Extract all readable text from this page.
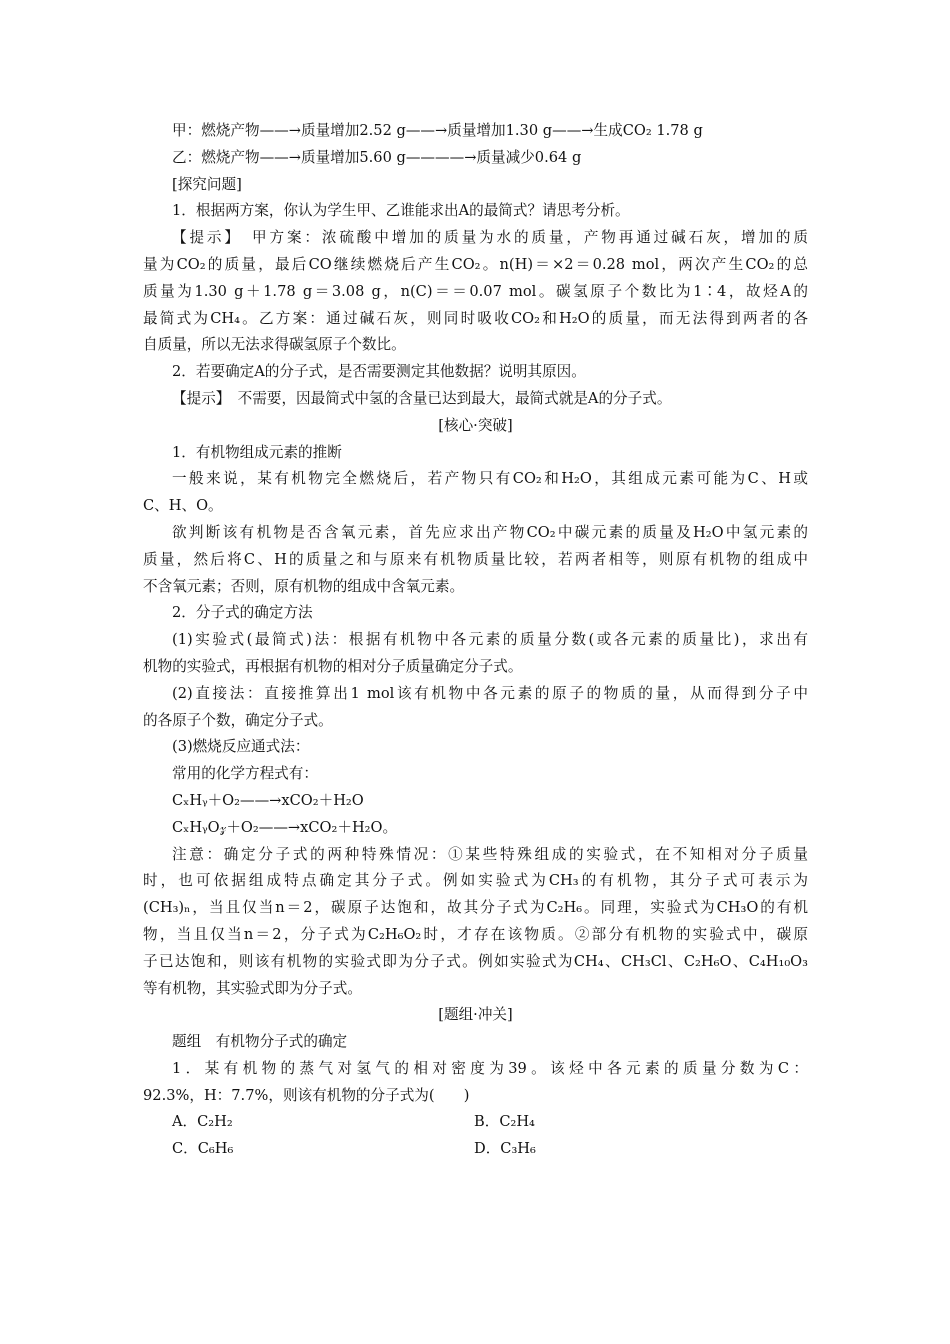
甲：燃烧产物——→质量增加2.52 g——→质量增加1.30 g——→生成CO₂ 1.78 g
乙：燃烧产物——→质量增加5.60 g————→质量减少0.64 g
[探究问题]
1．根据两方案，你认为学生甲、乙谁能求出A的最简式？请思考分析。
【提示】　甲方案：浓硫酸中增加的质量为水的质量，产物再通过碱石灰，增加的质
量为CO₂的质量，最后CO继续燃烧后产生CO₂。n(H)＝×2＝0.28 mol，两次产生CO₂的总
质量为1.30 g＋1.78 g＝3.08 g，n(C)＝＝0.07 mol。碳氢原子个数比为1∶4，故烃A的
最简式为CH₄。乙方案：通过碱石灰，则同时吸收CO₂和H₂O的质量，而无法得到两者的各
自质量，所以无法求得碳氢原子个数比。
2．若要确定A的分子式，是否需要测定其他数据？说明其原因。
【提示】　不需要，因最简式中氢的含量已达到最大，最简式就是A的分子式。
[核心·突破]
1．有机物组成元素的推断
一般来说，某有机物完全燃烧后，若产物只有CO₂和H₂O，其组成元素可能为C、H或
C、H、O。
欲判断该有机物是否含氧元素，首先应求出产物CO₂中碳元素的质量及H₂O中氢元素的
质量，然后将C、H的质量之和与原来有机物质量比较，若两者相等，则原有机物的组成中
不含氧元素；否则，原有机物的组成中含氧元素。
2．分子式的确定方法
(1)实验式(最简式)法：根据有机物中各元素的质量分数(或各元素的质量比)，求出有
机物的实验式，再根据有机物的相对分子质量确定分子式。
(2)直接法：直接推算出1 mol该有机物中各元素的原子的物质的量，从而得到分子中
的各原子个数，确定分子式。
(3)燃烧反应通式法：
常用的化学方程式有：
CₓHᵧ＋O₂——→xCO₂＋H₂O
CₓHᵧO𝓏＋O₂——→xCO₂＋H₂O。
注意：确定分子式的两种特殊情况：①某些特殊组成的实验式，在不知相对分子质量
时，也可依据组成特点确定其分子式。例如实验式为CH₃的有机物，其分子式可表示为
(CH₃)ₙ，当且仅当n＝2，碳原子达饱和，故其分子式为C₂H₆。同理，实验式为CH₃O的有机
物，当且仅当n＝2，分子式为C₂H₆O₂时，才存在该物质。②部分有机物的实验式中，碳原
子已达饱和，则该有机物的实验式即为分子式。例如实验式为CH₄、CH₃Cl、C₂H₆O、C₄H₁₀O₃
等有机物，其实验式即为分子式。
[题组·冲关]
题组　有机物分子式的确定
1．某有机物的蒸气对氢气的相对密度为39。该烃中各元素的质量分数为C：
92.3%，H：7.7%，则该有机物的分子式为(　　)
A．C₂H₂	B．C₂H₄
C．C₆H₆	D．C₃H₆
